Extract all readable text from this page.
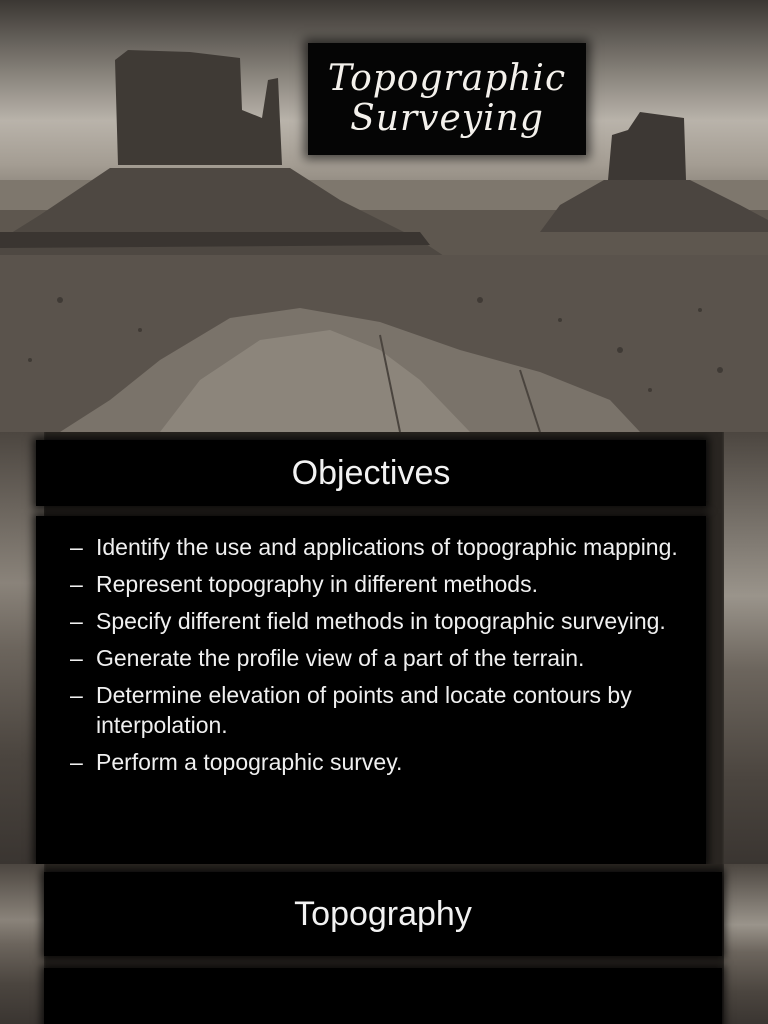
Topographic
Surveying
Objectives
– Identify the use and applications of topographic mapping.
– Represent topography in different methods.
– Specify different field methods in topographic surveying.
– Generate the profile view of a part of the terrain.
– Determine elevation of points and locate contours by interpolation.
– Perform a topographic survey.
Topography
